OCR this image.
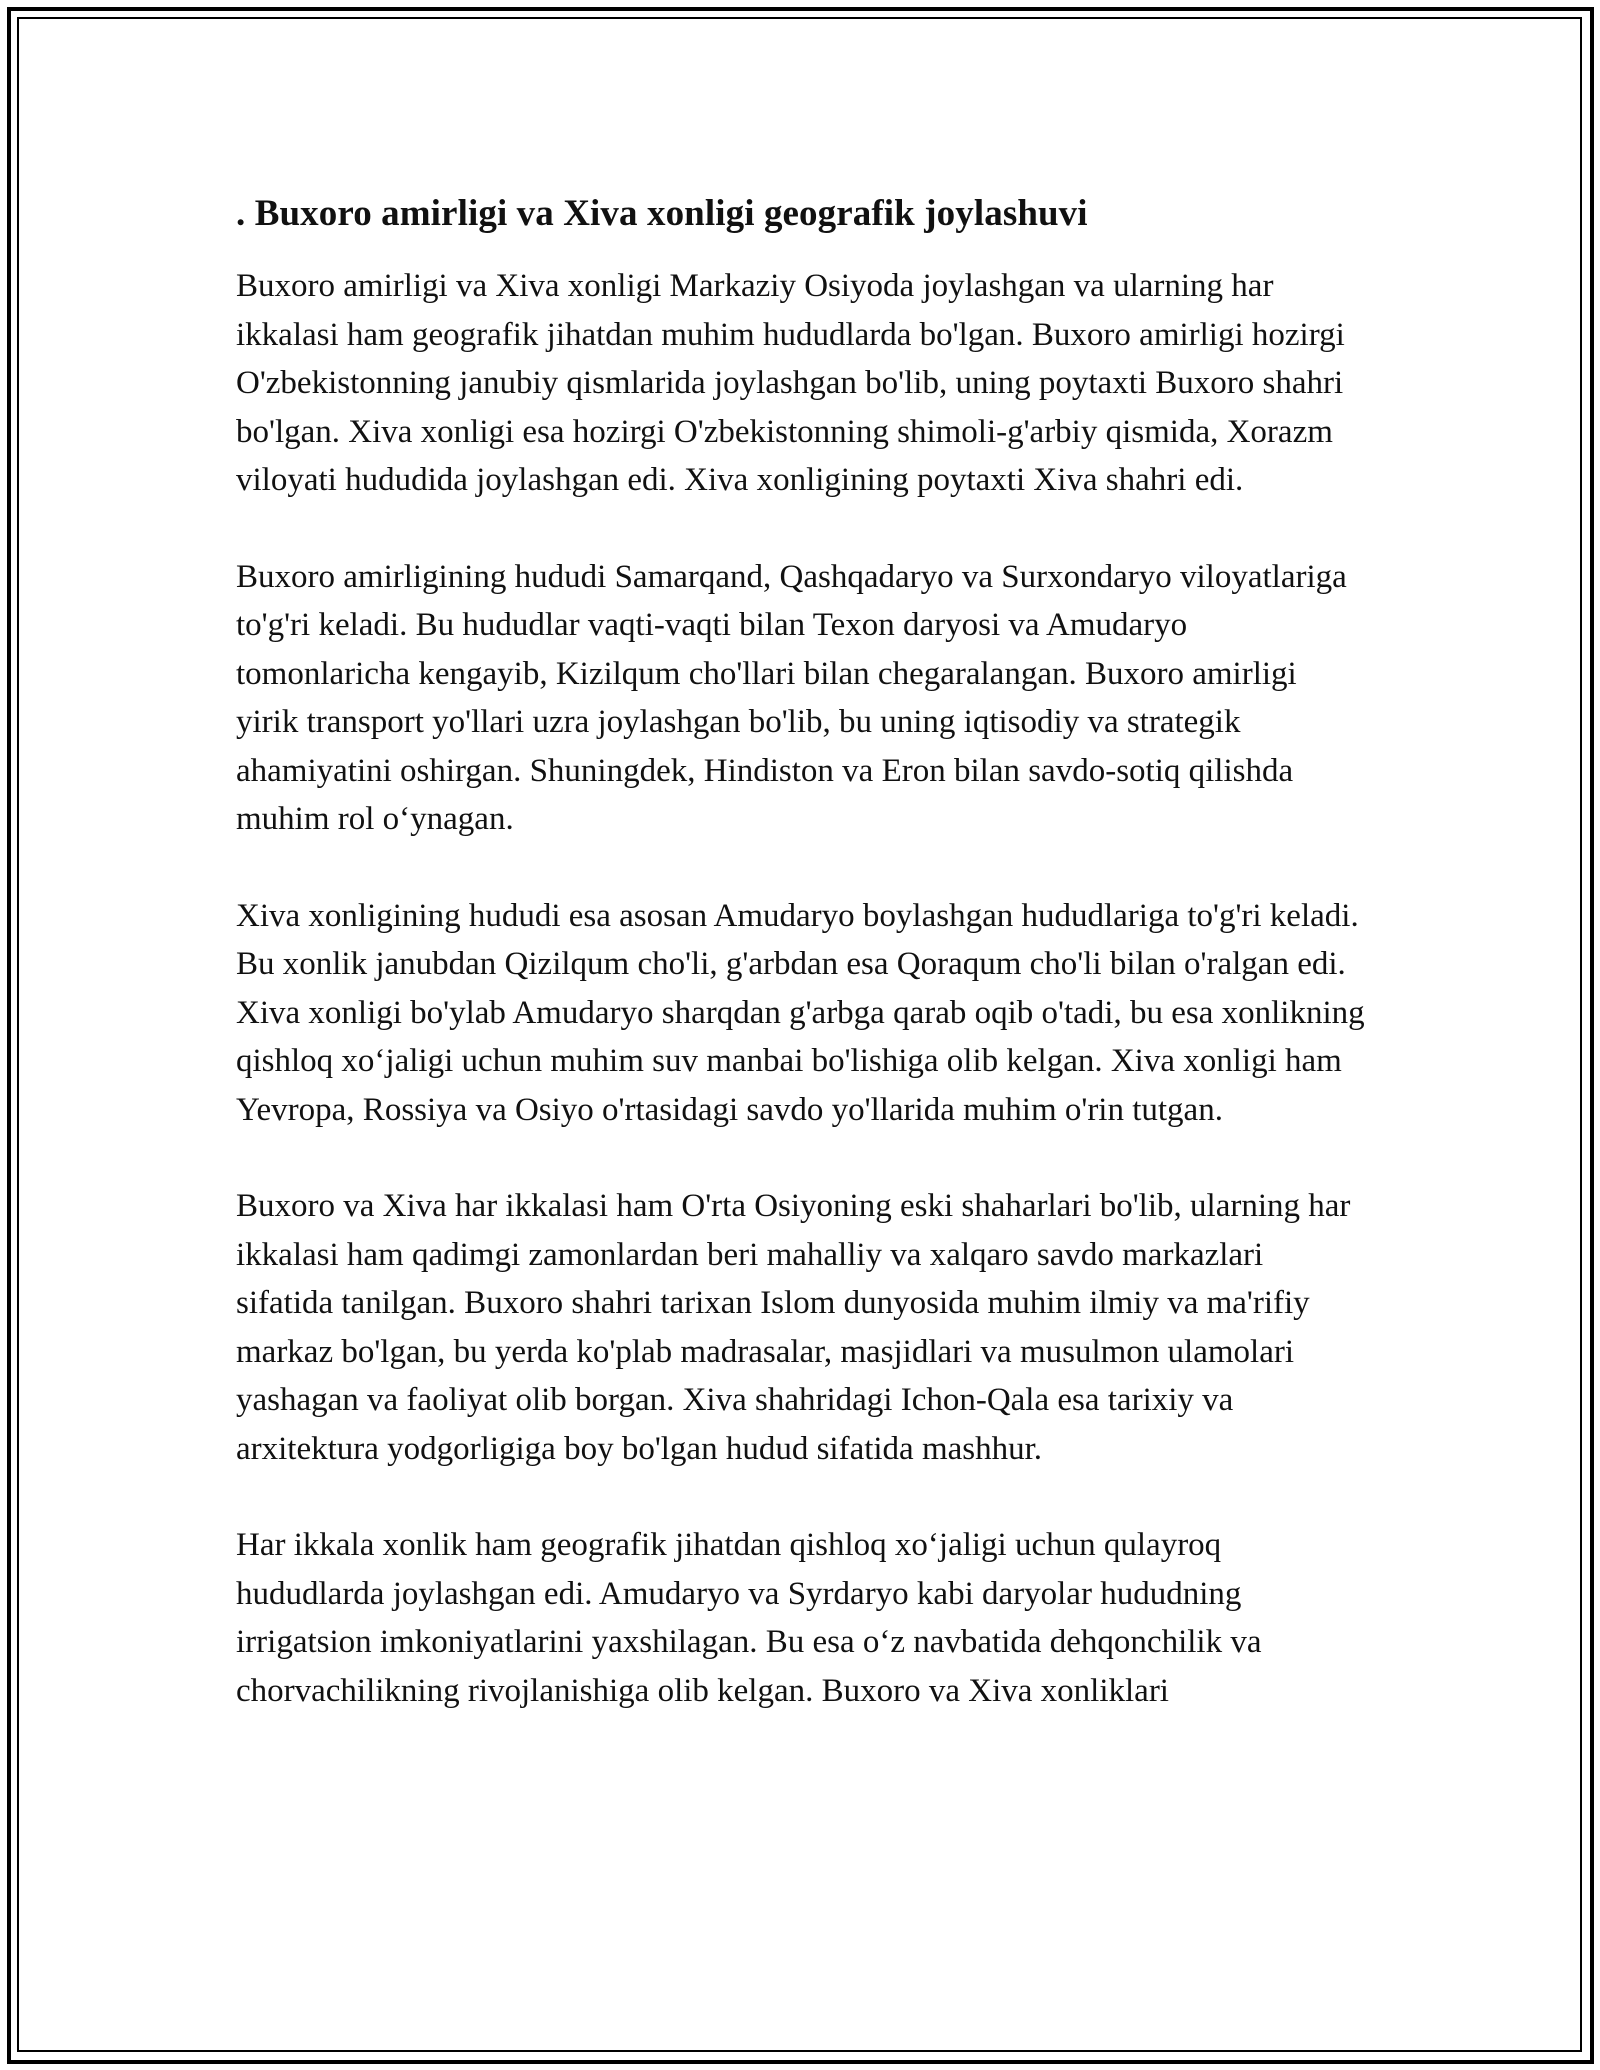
. Buxoro amirligi va Xiva xonligi geografik joylashuvi

Buxoro amirligi va Xiva xonligi Markaziy Osiyoda joylashgan va ularning har ikkalasi ham geografik jihatdan muhim hududlarda bo'lgan. Buxoro amirligi hozirgi O'zbekistonning janubiy qismlarida joylashgan bo'lib, uning poytaxti Buxoro shahri bo'lgan. Xiva xonligi esa hozirgi O'zbekistonning shimoli-g'arbiy qismida, Xorazm viloyati hududida joylashgan edi. Xiva xonligining poytaxti Xiva shahri edi.

Buxoro amirligining hududi Samarqand, Qashqadaryo va Surxondaryo viloyatlariga to'g'ri keladi. Bu hududlar vaqti-vaqti bilan Texon daryosi va Amudaryo tomonlaricha kengayib, Kizilqum cho'llari bilan chegaralangan. Buxoro amirligi yirik transport yo'llari uzra joylashgan bo'lib, bu uning iqtisodiy va strategik ahamiyatini oshirgan. Shuningdek, Hindiston va Eron bilan savdo-sotiq qilishda muhim rol o‘ynagan.

Xiva xonligining hududi esa asosan Amudaryo boylashgan hududlariga to'g'ri keladi. Bu xonlik janubdan Qizilqum cho'li, g'arbdan esa Qoraqum cho'li bilan o'ralgan edi. Xiva xonligi bo'ylab Amudaryo sharqdan g'arbga qarab oqib o'tadi, bu esa xonlikning qishloq xo‘jaligi uchun muhim suv manbai bo'lishiga olib kelgan. Xiva xonligi ham Yevropa, Rossiya va Osiyo o'rtasidagi savdo yo'llarida muhim o'rin tutgan.

Buxoro va Xiva har ikkalasi ham O'rta Osiyoning eski shaharlari bo'lib, ularning har ikkalasi ham qadimgi zamonlardan beri mahalliy va xalqaro savdo markazlari sifatida tanilgan. Buxoro shahri tarixan Islom dunyosida muhim ilmiy va ma'rifiy markaz bo'lgan, bu yerda ko'plab madrasalar, masjidlari va musulmon ulamolari yashagan va faoliyat olib borgan. Xiva shahridagi Ichon-Qala esa tarixiy va arxitektura yodgorligiga boy bo'lgan hudud sifatida mashhur.

Har ikkala xonlik ham geografik jihatdan qishloq xo‘jaligi uchun qulayroq hududlarda joylashgan edi. Amudaryo va Syrdaryo kabi daryolar hududning irrigatsion imkoniyatlarini yaxshilagan. Bu esa o‘z navbatida dehqonchilik va chorvachilikning rivojlanishiga olib kelgan. Buxoro va Xiva xonliklari
